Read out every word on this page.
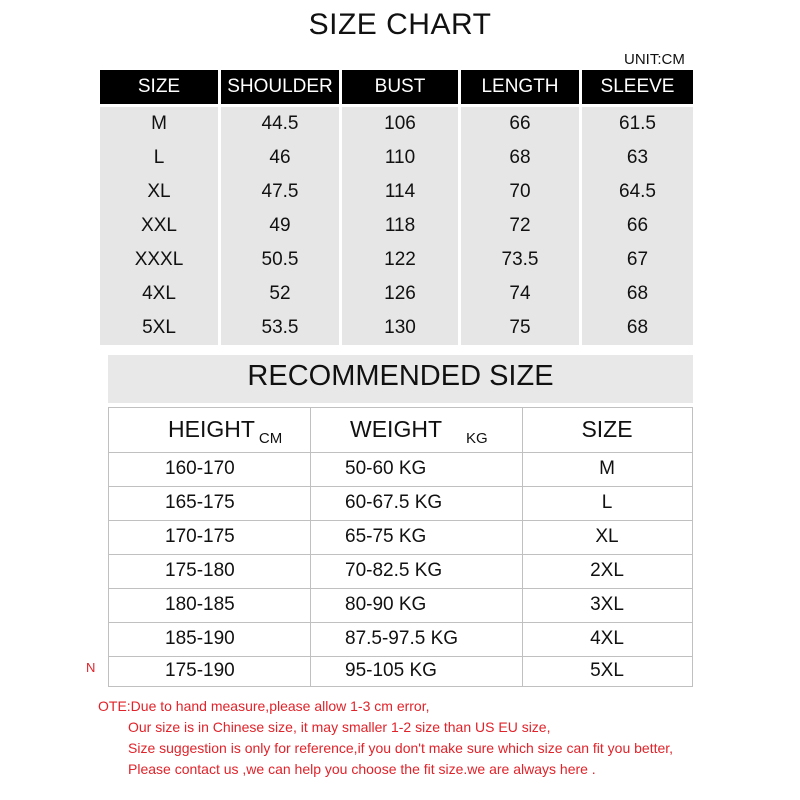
SIZE CHART
UNIT:CM
SIZE	SHOULDER	BUST	LENGTH	SLEEVE
M	44.5	106	66	61.5
L	46	110	68	63
XL	47.5	114	70	64.5
XXL	49	118	72	66
XXXL	50.5	122	73.5	67
4XL	52	126	74	68
5XL	53.5	130	75	68
RECOMMENDED SIZE
HEIGHT CM	WEIGHT KG	SIZE
160-170	50-60 KG	M
165-175	60-67.5 KG	L
170-175	65-75 KG	XL
175-180	70-82.5 KG	2XL
180-185	80-90 KG	3XL
185-190	87.5-97.5 KG	4XL
175-190	95-105 KG	5XL
N
OTE:Due to hand measure,please allow 1-3 cm error,
Our size is in Chinese size, it may smaller 1-2 size than US EU size,
Size suggestion is only for reference,if you don't make sure which size can fit you better,
Please contact us ,we can help you choose the fit size.we are always here .
